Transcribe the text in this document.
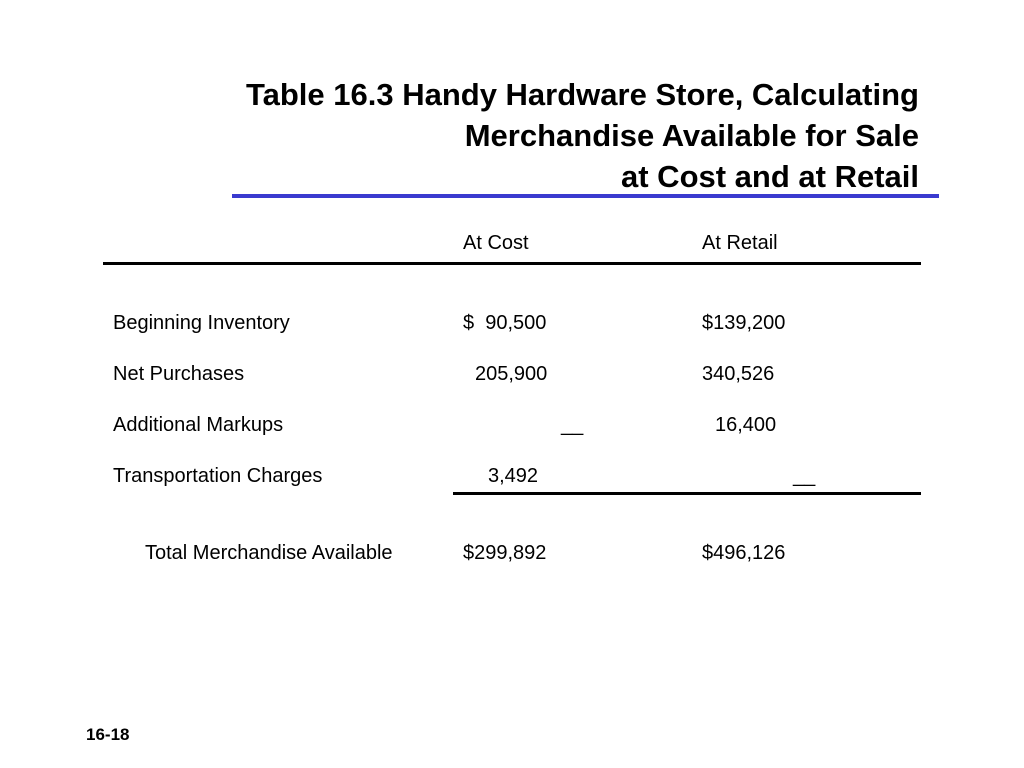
Table 16.3 Handy Hardware Store, Calculating
Merchandise Available for Sale
at Cost and at Retail
At Cost	At Retail
Beginning Inventory	$  90,500	$139,200
Net Purchases	205,900	340,526
Additional Markups	__	16,400
Transportation Charges	3,492	__
Total Merchandise Available	$299,892	$496,126
16-18
